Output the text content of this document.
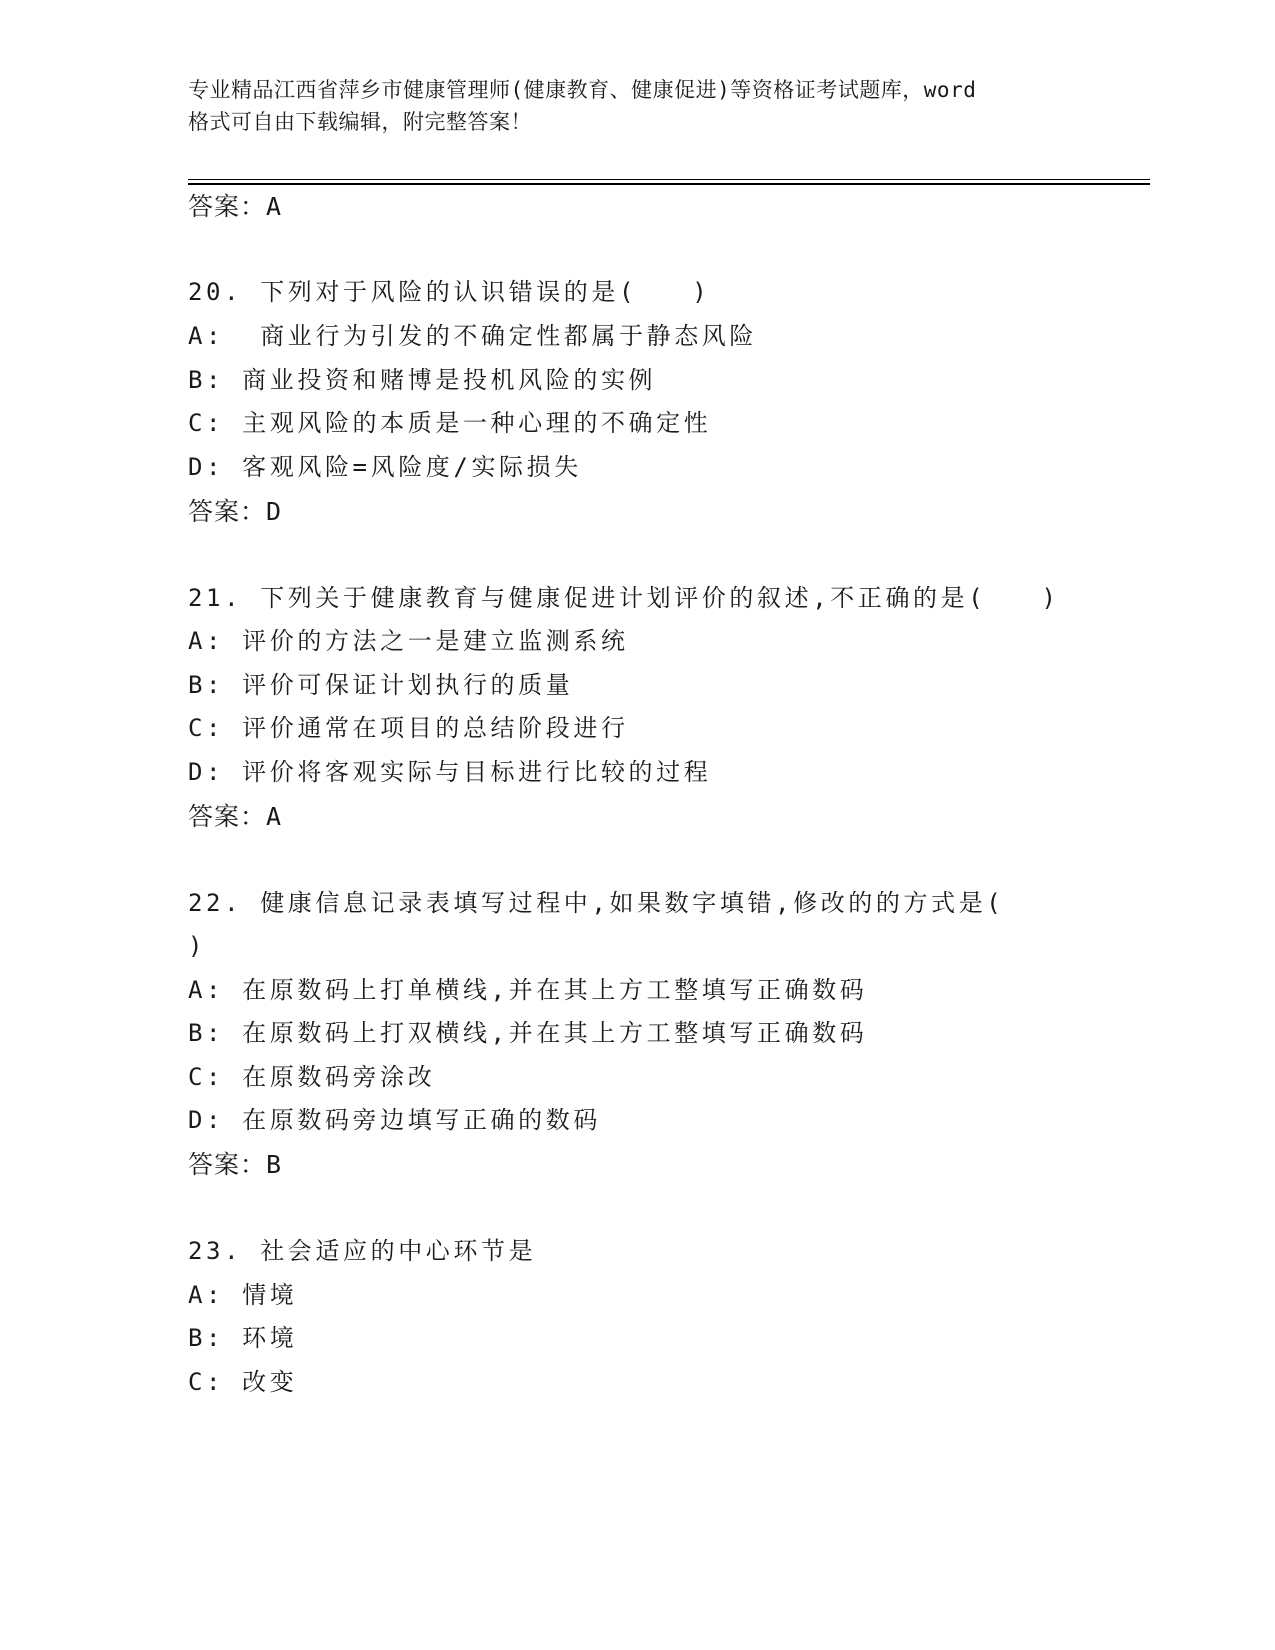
专业精品江西省萍乡市健康管理师(健康教育、健康促进)等资格证考试题库，word
格式可自由下载编辑，附完整答案！
答案：A
20. 下列对于风险的认识错误的是(　　)
A:  商业行为引发的不确定性都属于静态风险
B: 商业投资和赌博是投机风险的实例
C: 主观风险的本质是一种心理的不确定性
D: 客观风险=风险度/实际损失
答案：D
21. 下列关于健康教育与健康促进计划评价的叙述,不正确的是(　　)
A: 评价的方法之一是建立监测系统
B: 评价可保证计划执行的质量
C: 评价通常在项目的总结阶段进行
D: 评价将客观实际与目标进行比较的过程
答案：A
22. 健康信息记录表填写过程中,如果数字填错,修改的的方式是(
)
A: 在原数码上打单横线,并在其上方工整填写正确数码
B: 在原数码上打双横线,并在其上方工整填写正确数码
C: 在原数码旁涂改
D: 在原数码旁边填写正确的数码
答案：B
23. 社会适应的中心环节是
A: 情境
B: 环境
C: 改变
